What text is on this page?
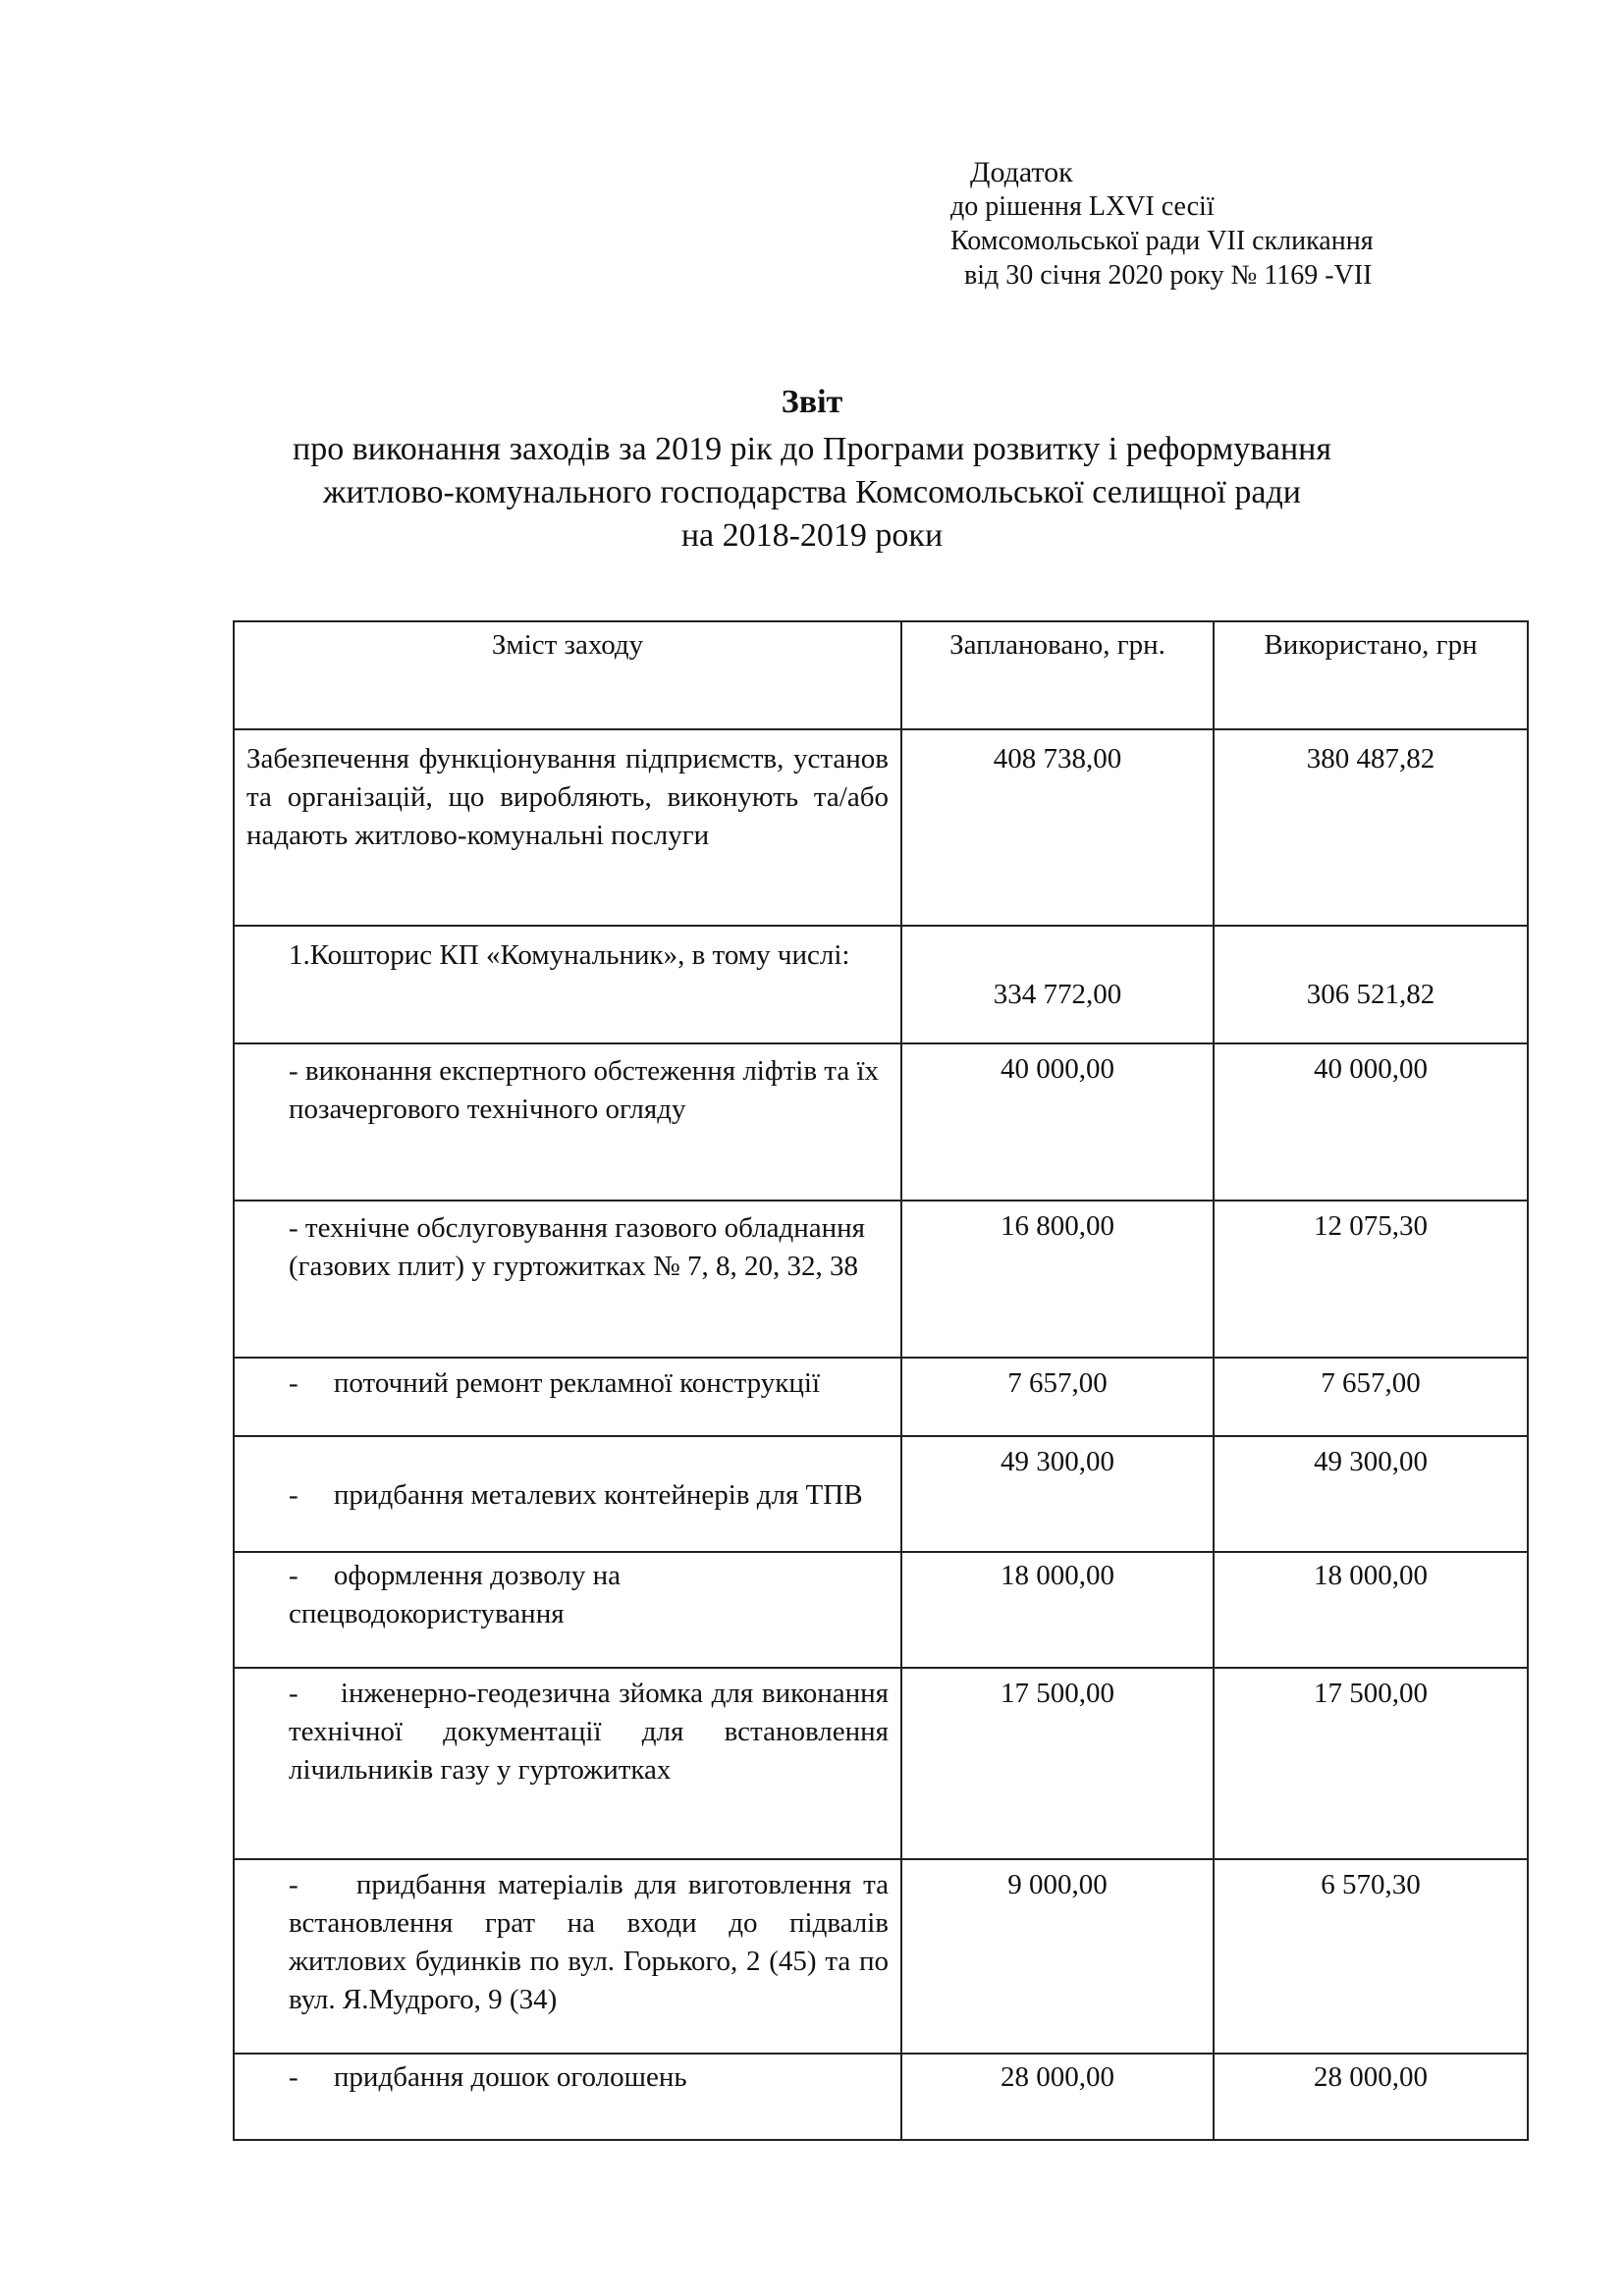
Додаток
до рішення LXVI сесії
Комсомольської ради VII скликання
від 30 січня 2020 року № 1169 -VII
Звіт
про виконання заходів за 2019 рік до Програми розвитку і реформування
житлово-комунального господарства Комсомольської селищної ради
на 2018-2019 роки
Зміст заходу	Заплановано, грн.	Використано, грн
Забезпечення функціонування підприємств, установ та організацій, що виробляють, виконують та/або надають житлово-комунальні послуги	408 738,00	380 487,82
1.Кошторис КП «Комунальник», в тому числі:	334 772,00	306 521,82
- виконання експертного обстеження ліфтів та їх позачергового технічного огляду	40 000,00	40 000,00
- технічне обслуговування газового обладнання (газових плит) у гуртожитках № 7, 8, 20, 32, 38	16 800,00	12 075,30
-     поточний ремонт рекламної конструкції	7 657,00	7 657,00
-     придбання металевих контейнерів для ТПВ	49 300,00	49 300,00
-     оформлення дозволу на спецводокористування	18 000,00	18 000,00
-     інженерно-геодезична зйомка для виконання технічної документації для встановлення лічильників газу у гуртожитках	17 500,00	17 500,00
-     придбання матеріалів для виготовлення та встановлення грат на входи до підвалів житлових будинків по вул. Горького, 2 (45) та по вул. Я.Мудрого, 9 (34)	9 000,00	6 570,30
-     придбання дошок оголошень	28 000,00	28 000,00
